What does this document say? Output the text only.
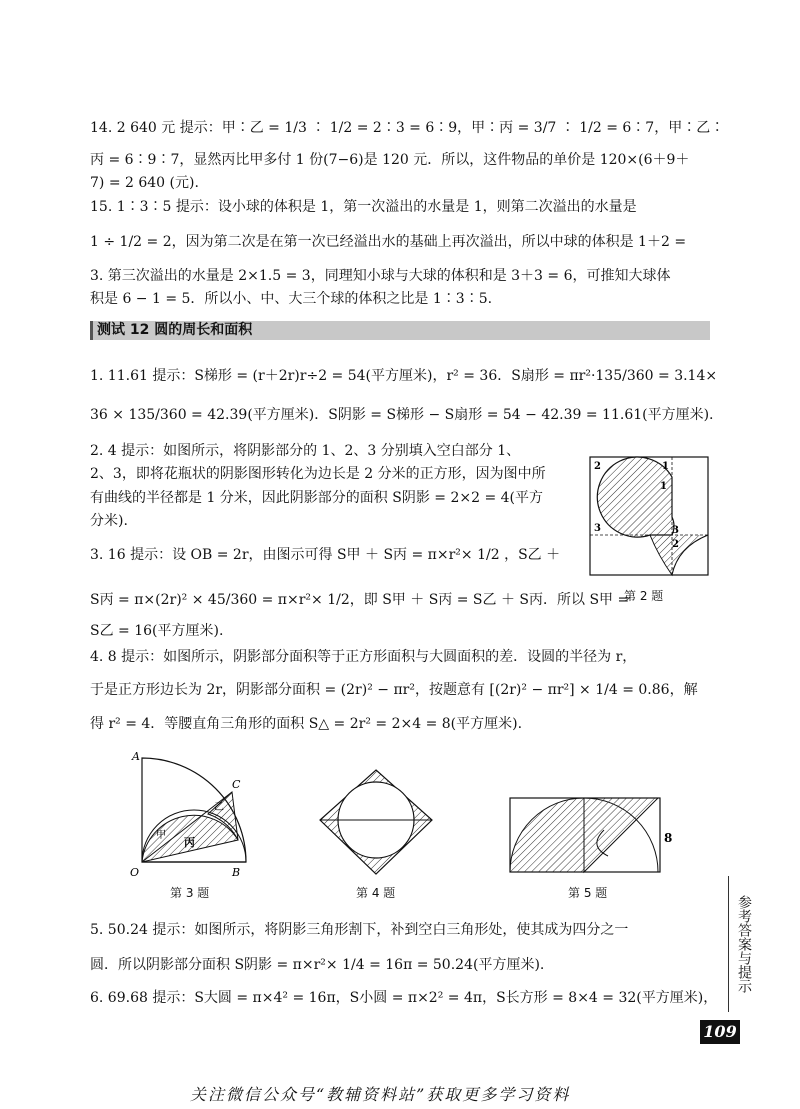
14. 2 640 元 提示：甲∶乙 = 1/3 ∶ 1/2 = 2∶3 = 6∶9，甲∶丙 = 3/7 ∶ 1/2 = 6∶7，甲∶乙∶
丙 = 6∶9∶7，显然丙比甲多付 1 份(7−6)是 120 元．所以，这件物品的单价是 120×(6＋9＋
7) = 2 640 (元).
15. 1∶3∶5 提示：设小球的体积是 1，第一次溢出的水量是 1，则第二次溢出的水量是
1 ÷ 1/2 = 2，因为第二次是在第一次已经溢出水的基础上再次溢出，所以中球的体积是 1＋2 =
3. 第三次溢出的水量是 2×1.5 = 3，同理知小球与大球的体积和是 3＋3 = 6，可推知大球体
积是 6 − 1 = 5．所以小、中、大三个球的体积之比是 1∶3∶5.
测试 12 圆的周长和面积
1. 11.61 提示：S梯形 = (r＋2r)r÷2 = 54(平方厘米)，r² = 36．S扇形 = πr²·135/360 = 3.14×
36 × 135/360 = 42.39(平方厘米)．S阴影 = S梯形 − S扇形 = 54 − 42.39 = 11.61(平方厘米).
2. 4 提示：如图所示，将阴影部分的 1、2、3 分别填入空白部分 1、
2、3，即将花瓶状的阴影图形转化为边长是 2 分米的正方形，因为图中所
有曲线的半径都是 1 分米，因此阴影部分的面积 S阴影 = 2×2 = 4(平方
分米).
3. 16 提示：设 OB = 2r，由图示可得 S甲 ＋ S丙 = π×r²× 1/2 ，S乙 ＋
S丙 = π×(2r)² × 45/360 = π×r²× 1/2，即 S甲 ＋ S丙 = S乙 ＋ S丙．所以 S甲 =
S乙 = 16(平方厘米).
4. 8 提示：如图所示，阴影部分面积等于正方形面积与大圆面积的差．设圆的半径为 r，
于是正方形边长为 2r，阴影部分面积 = (2r)² − πr²，按题意有 [(2r)² − πr²] × 1/4 = 0.86，解
得 r² = 4．等腰直角三角形的面积 S△ = 2r² = 2×4 = 8(平方厘米).
2	1
1
3	3
2
第 2 题
A
C
乙
甲
丙
O	B
第 3 题	第 4 题
8
第 5 题
5. 50.24 提示：如图所示，将阴影三角形割下，补到空白三角形处，使其成为四分之一
圆．所以阴影部分面积 S阴影 = π×r²× 1/4 = 16π = 50.24(平方厘米).
6. 69.68 提示：S大圆 = π×4² = 16π，S小圆 = π×2² = 4π，S长方形 = 8×4 = 32(平方厘米)，
参考答案与提示
109
关注微信公众号“教辅资料站”获取更多学习资料
